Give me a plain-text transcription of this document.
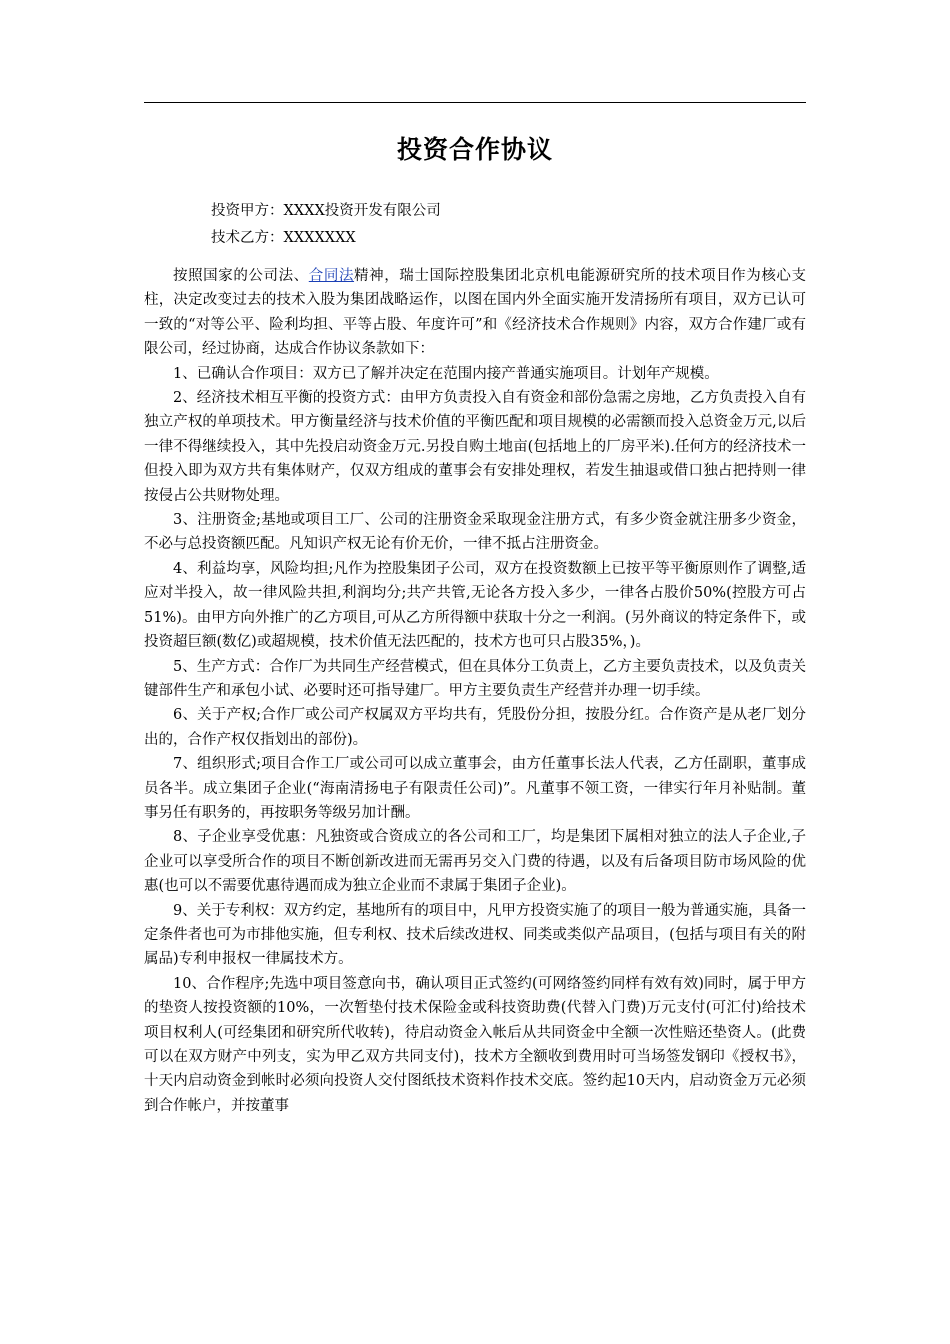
投资合作协议
投资甲方：XXXX投资开发有限公司
技术乙方：XXXXXXX

按照国家的公司法、合同法精神，瑞士国际控股集团北京机电能源研究所的技术项目作为核心支柱，决定改变过去的技术入股为集团战略运作，以图在国内外全面实施开发清扬所有项目，双方已认可一致的“对等公平、险利均担、平等占股、年度许可”和《经济技术合作规则》内容，双方合作建厂或有限公司，经过协商，达成合作协议条款如下：

1、已确认合作项目：双方已了解并决定在范围内接产普通实施项目。计划年产规模。

2、经济技术相互平衡的投资方式：由甲方负责投入自有资金和部份急需之房地，乙方负责投入自有独立产权的单项技术。甲方衡量经济与技术价值的平衡匹配和项目规模的必需额而投入总资金万元,以后一律不得继续投入，其中先投启动资金万元.另投自购土地亩(包括地上的厂房平米).任何方的经济技术一但投入即为双方共有集体财产，仅双方组成的董事会有安排处理权，若发生抽退或借口独占把持则一律按侵占公共财物处理。

3、注册资金;基地或项目工厂、公司的注册资金采取现金注册方式，有多少资金就注册多少资金，不必与总投资额匹配。凡知识产权无论有价无价，一律不抵占注册资金。

4、利益均享，风险均担;凡作为控股集团子公司，双方在投资数额上已按平等平衡原则作了调整,适应对半投入，故一律风险共担,利润均分;共产共管,无论各方投入多少，一律各占股价50%(控股方可占51%)。由甲方向外推广的乙方项目,可从乙方所得额中获取十分之一利润。(另外商议的特定条件下，或投资超巨额(数亿)或超规模，技术价值无法匹配的，技术方也可只占股35%，)。

5、生产方式：合作厂为共同生产经营模式，但在具体分工负责上，乙方主要负责技术，以及负责关键部件生产和承包小试、必要时还可指导建厂。甲方主要负责生产经营并办理一切手续。

6、关于产权;合作厂或公司产权属双方平均共有，凭股份分担，按股分红。合作资产是从老厂划分出的，合作产权仅指划出的部份)。

7、组织形式;项目合作工厂或公司可以成立董事会，由方任董事长法人代表，乙方任副职，董事成员各半。成立集团子企业(“海南清扬电子有限责任公司)”。凡董事不领工资，一律实行年月补贴制。董事另任有职务的，再按职务等级另加计酬。

8、子企业享受优惠：凡独资或合资成立的各公司和工厂，均是集团下属相对独立的法人子企业,子企业可以享受所合作的项目不断创新改进而无需再另交入门费的待遇，以及有后备项目防市场风险的优惠(也可以不需要优惠待遇而成为独立企业而不隶属于集团子企业)。

9、关于专利权：双方约定，基地所有的项目中，凡甲方投资实施了的项目一般为普通实施，具备一定条件者也可为市排他实施，但专利权、技术后续改进权、同类或类似产品项目，(包括与项目有关的附属品)专利申报权一律属技术方。

10、合作程序;先选中项目签意向书，确认项目正式签约(可网络签约同样有效有效)同时，属于甲方的垫资人按投资额的10%，一次暂垫付技术保险金或科技资助费(代替入门费)万元支付(可汇付)给技术项目权利人(可经集团和研究所代收转)，待启动资金入帐后从共同资金中全额一次性赔还垫资人。(此费可以在双方财产中列支，实为甲乙双方共同支付)，技术方全额收到费用时可当场签发钢印《授权书》，十天内启动资金到帐时必须向投资人交付图纸技术资料作技术交底。签约起10天内，启动资金万元必须到合作帐户，并按董事
